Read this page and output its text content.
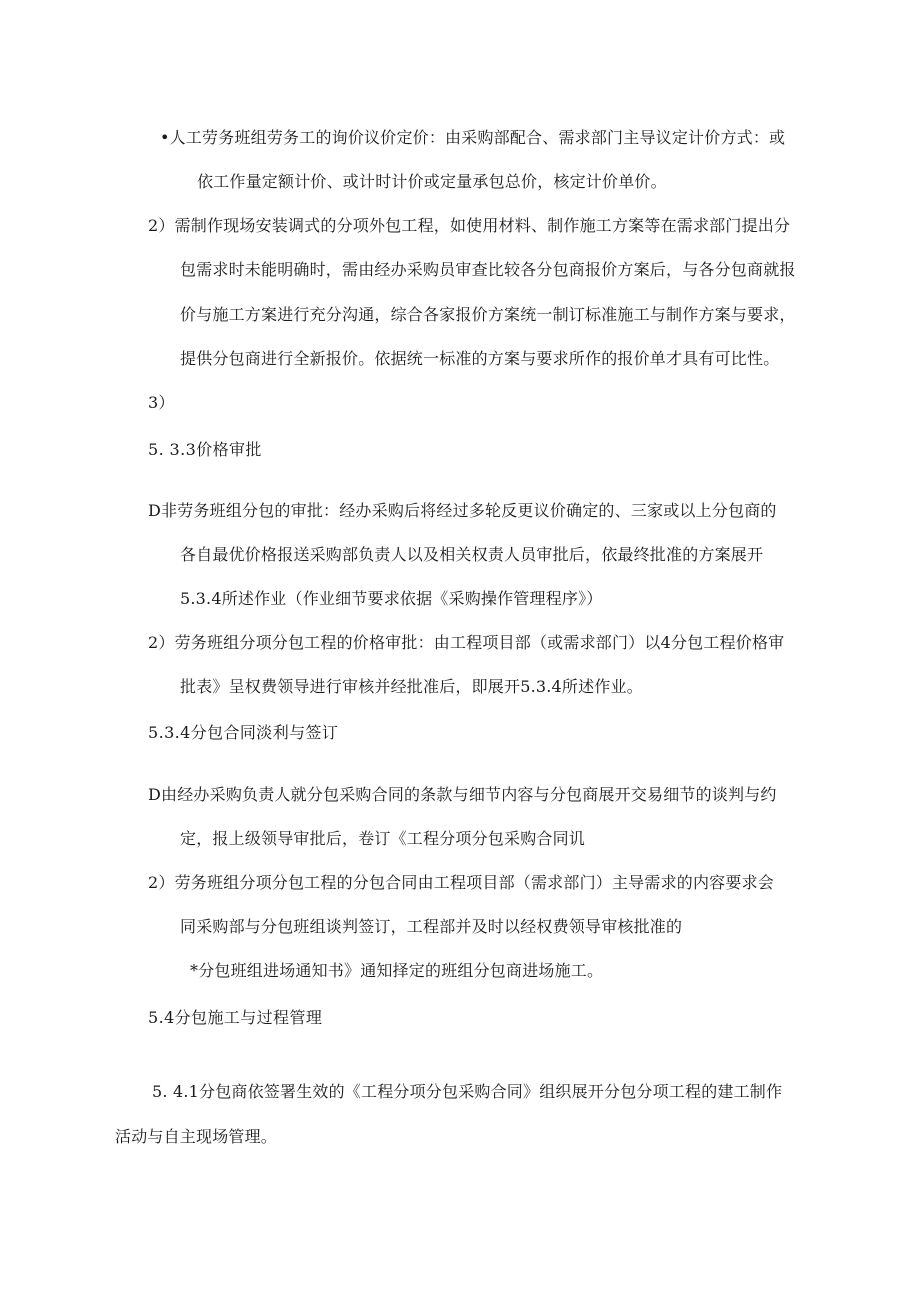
•人工劳务班组劳务工的询价议价定价：由采购部配合、需求部门主导议定计价方式：或
依工作量定额计价、或计时计价或定量承包总价，核定计价单价。
2）需制作现场安装调式的分项外包工程，如使用材料、制作施工方案等在需求部门提出分
包需求时未能明确时，需由经办采购员审查比较各分包商报价方案后，与各分包商就报
价与施工方案进行充分沟通，综合各家报价方案统一制订标准施工与制作方案与要求，
提供分包商进行全新报价。依据统一标准的方案与要求所作的报价单才具有可比性。
3）
5. 3.3价格审批
D非劳务班组分包的审批：经办采购后将经过多轮反更议价确定的、三家或以上分包商的
各自最优价格报送采购部负责人以及相关权责人员审批后，依最终批准的方案展开
5.3.4所述作业（作业细节要求依据《采购操作管理程序》）
2）劳务班组分项分包工程的价格审批：由工程项目部（或需求部门）以4分包工程价格审
批表》呈权费领导进行审核并经批准后，即展开5.3.4所述作业。
5.3.4分包合同淡利与签订
D由经办采购负责人就分包采购合同的条款与细节内容与分包商展开交易细节的谈判与约
定，报上级领导审批后，卷订《工程分项分包采购合同讥
2）劳务班组分项分包工程的分包合同由工程项目部（需求部门）主导需求的内容要求会
同采购部与分包班组谈判签订，工程部并及时以经权费领导审核批准的
*分包班组进场通知书》通知择定的班组分包商进场施工。
5.4分包施工与过程管理
5. 4.1分包商依签署生效的《工程分项分包采购合同》组织展开分包分项工程的建工制作
活动与自主现场管理。
